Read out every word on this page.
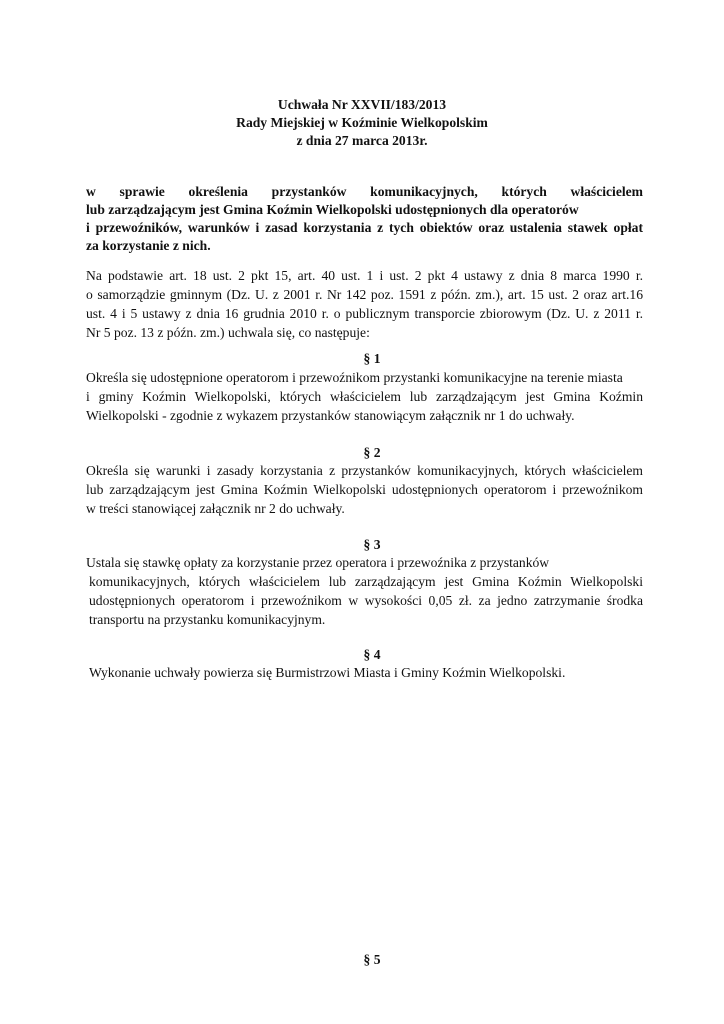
Uchwała Nr XXVII/183/2013
Rady Miejskiej w Koźminie Wielkopolskim
z dnia 27 marca 2013r.
w sprawie określenia przystanków komunikacyjnych, których właścicielem
lub zarządzającym jest Gmina Koźmin Wielkopolski udostępnionych dla operatorów
i przewoźników, warunków i zasad korzystania z tych obiektów oraz ustalenia stawek opłat
za korzystanie z nich.
Na podstawie art. 18 ust. 2 pkt 15, art. 40 ust. 1 i ust. 2 pkt 4 ustawy z dnia 8 marca 1990 r.
o samorządzie gminnym (Dz. U. z 2001 r. Nr 142 poz. 1591 z późn. zm.), art. 15 ust. 2 oraz art.16
ust. 4 i 5 ustawy z dnia 16 grudnia 2010 r. o publicznym transporcie zbiorowym (Dz. U. z 2011 r.
Nr 5 poz. 13 z późn. zm.) uchwala się, co następuje:
§ 1
Określa się udostępnione operatorom i przewoźnikom przystanki komunikacyjne na terenie miasta
i gminy Koźmin Wielkopolski, których właścicielem lub zarządzającym jest Gmina Koźmin
Wielkopolski - zgodnie z wykazem przystanków stanowiącym załącznik nr 1 do uchwały.
§ 2
Określa się warunki i zasady korzystania z przystanków komunikacyjnych, których właścicielem
lub zarządzającym jest Gmina Koźmin Wielkopolski udostępnionych operatorom i przewoźnikom
w treści stanowiącej załącznik nr 2 do uchwały.
§ 3
Ustala się stawkę opłaty za korzystanie przez operatora i przewoźnika z przystanków
komunikacyjnych, których właścicielem lub zarządzającym jest Gmina Koźmin Wielkopolski
udostępnionych operatorom i przewoźnikom w wysokości 0,05 zł. za jedno zatrzymanie środka
transportu na przystanku komunikacyjnym.
§ 4
Wykonanie uchwały powierza się Burmistrzowi Miasta i Gminy Koźmin Wielkopolski.
§ 5
